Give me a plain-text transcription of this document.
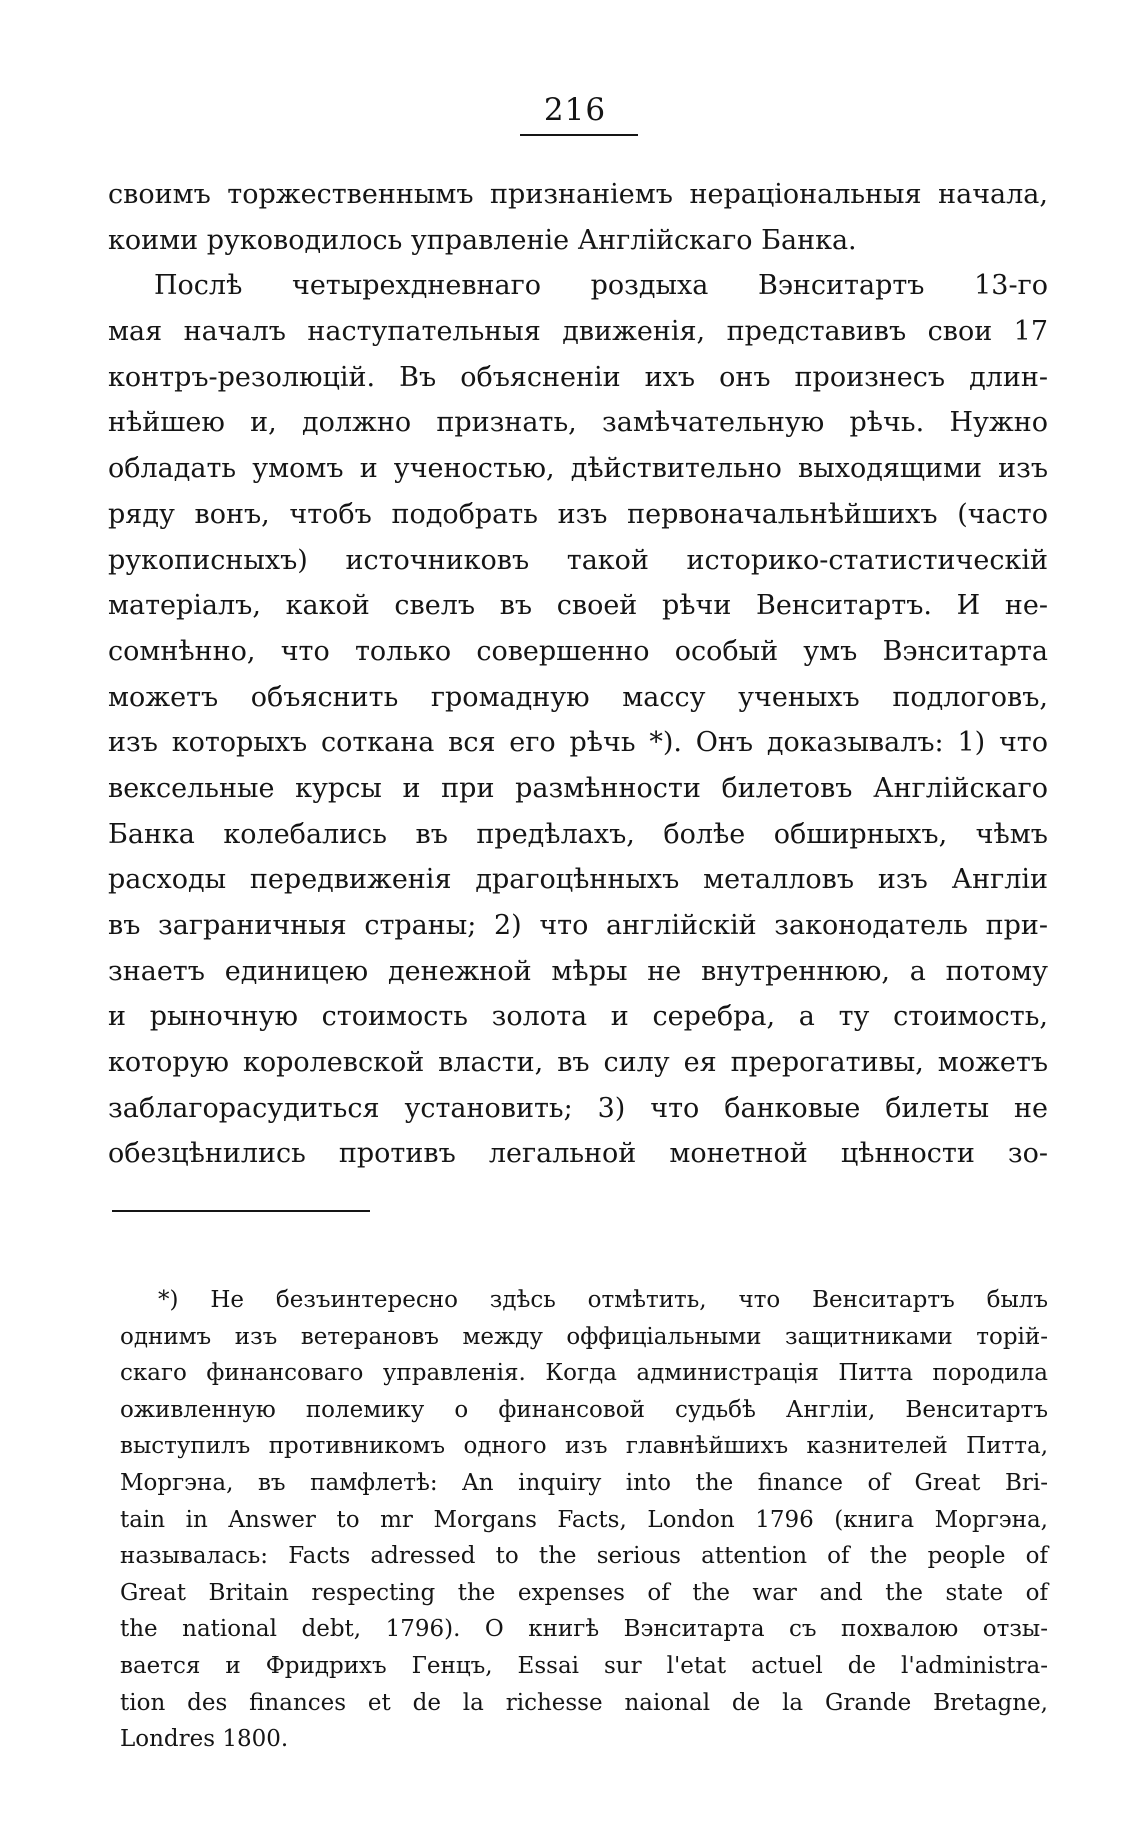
216
своимъ торжественнымъ признаніемъ нераціональныя начала,
коими руководилось управленіе Англійскаго Банка.
Послѣ четырехдневнаго роздыха Вэнситартъ 13-го
мая началъ наступательныя движенія, представивъ свои 17
контръ-резолюцій. Въ объясненіи ихъ онъ произнесъ длин-
нѣйшею и, должно признать, замѣчательную рѣчь. Нужно
обладать умомъ и ученостью, дѣйствительно выходящими изъ
ряду вонъ, чтобъ подобрать изъ первоначальнѣйшихъ (часто
рукописныхъ) источниковъ такой историко-статистическій
матеріалъ, какой свелъ въ своей рѣчи Венситартъ. И не-
сомнѣнно, что только совершенно особый умъ Вэнситарта
можетъ объяснить громадную массу ученыхъ подлоговъ,
изъ которыхъ соткана вся его рѣчь *). Онъ доказывалъ: 1) что
вексельные курсы и при размѣнности билетовъ Англійскаго
Банка колебались въ предѣлахъ, болѣе обширныхъ, чѣмъ
расходы передвиженія драгоцѣнныхъ металловъ изъ Англіи
въ заграничныя страны; 2) что англійскій законодатель при-
знаетъ единицею денежной мѣры не внутреннюю, а потому
и рыночную стоимость золота и серебра, а ту стоимость,
которую королевской власти, въ силу ея прерогативы, можетъ
заблагорасудиться установить; 3) что банковые билеты не
обезцѣнились противъ легальной монетной цѣнности зо-
*) Не безъинтересно здѣсь отмѣтить, что Венситартъ былъ
однимъ изъ ветерановъ между оффиціальными защитниками торій-
скаго финансоваго управленія. Когда администрація Питта породила
оживленную полемику о финансовой судьбѣ Англіи, Венситартъ
выступилъ противникомъ одного изъ главнѣйшихъ казнителей Питта,
Моргэна, въ памфлетѣ: An inquiry into the finance of Great Bri-
tain in Answer to mr Morgans Facts, London 1796 (книга Моргэна,
называлась: Facts adressed to the serious attention of the people of
Great Britain respecting the expenses of the war and the state of
the national debt, 1796). О книгѣ Вэнситарта съ похвалою отзы-
вается и Фридрихъ Генцъ, Essai sur l'etat actuel de l'administra-
tion des finances et de la richesse naional de la Grande Bretagne,
Londres 1800.
